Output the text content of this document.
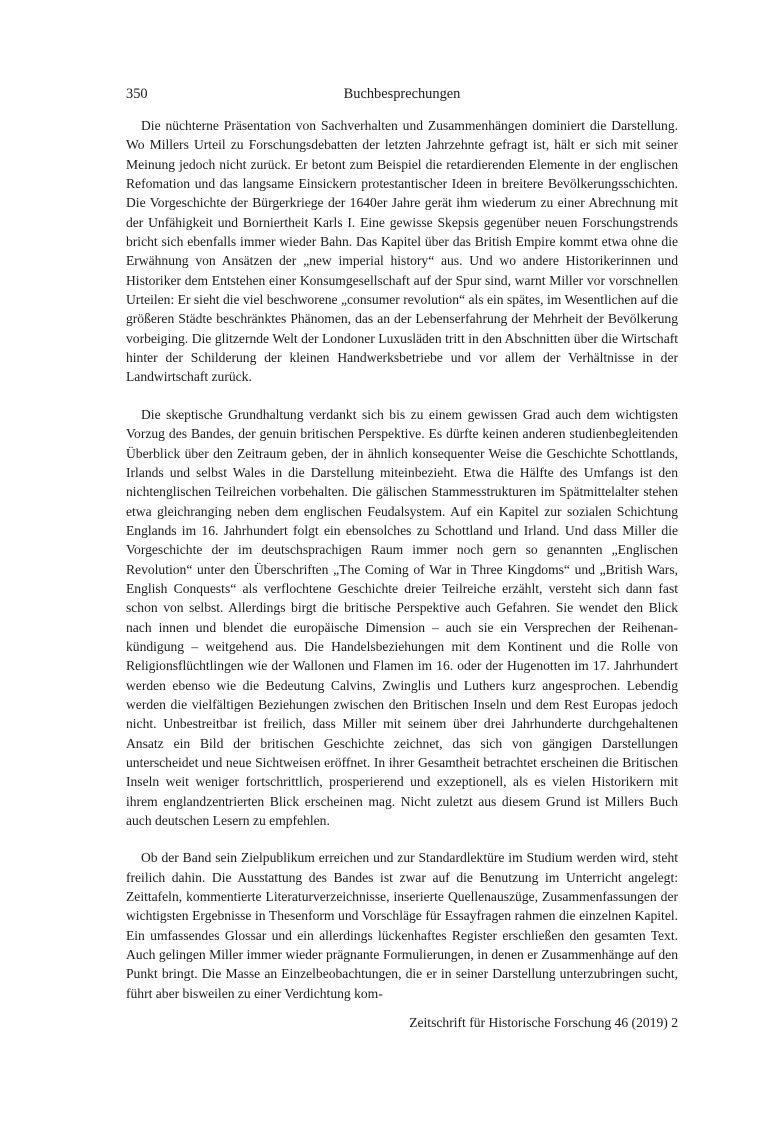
350	Buchbesprechungen

Die nüchterne Präsentation von Sachverhalten und Zusammenhängen dominiert die Darstellung. Wo Millers Urteil zu Forschungsdebatten der letzten Jahrzehnte gefragt ist, hält er sich mit seiner Meinung jedoch nicht zurück. Er betont zum Beispiel die retardierenden Elemente in der englischen Refomation und das langsame Einsickern protestantischer Ideen in breitere Bevölkerungsschichten. Die Vorgeschichte der Bürgerkriege der 1640er Jahre gerät ihm wiederum zu einer Abrechnung mit der Unfähigkeit und Borniertheit Karls I. Eine gewisse Skepsis gegenüber neuen Forschungstrends bricht sich ebenfalls immer wieder Bahn. Das Kapitel über das British Empire kommt etwa ohne die Erwähnung von Ansätzen der „new imperial history“ aus. Und wo andere Historikerinnen und Historiker dem Entstehen einer Konsumgesellschaft auf der Spur sind, warnt Miller vor vorschnellen Urteilen: Er sieht die viel beschworene „consumer revolution“ als ein spätes, im Wesentlichen auf die größeren Städte beschränktes Phänomen, das an der Lebenserfahrung der Mehrheit der Bevölkerung vorbeiging. Die glitzernde Welt der Londoner Luxusläden tritt in den Abschnitten über die Wirtschaft hinter der Schilderung der kleinen Handwerksbetriebe und vor allem der Verhältnisse in der Landwirtschaft zurück.

Die skeptische Grundhaltung verdankt sich bis zu einem gewissen Grad auch dem wichtigsten Vorzug des Bandes, der genuin britischen Perspektive. Es dürfte keinen anderen studienbegleitenden Überblick über den Zeitraum geben, der in ähnlich konsequenter Weise die Geschichte Schottlands, Irlands und selbst Wales in die Darstellung miteinbezieht. Etwa die Hälfte des Umfangs ist den nichtenglischen Teilreichen vorbehalten. Die gälischen Stammesstrukturen im Spätmittelalter stehen etwa gleichranging neben dem englischen Feudalsystem. Auf ein Kapitel zur sozialen Schichtung Englands im 16. Jahrhundert folgt ein ebensolches zu Schottland und Irland. Und dass Miller die Vorgeschichte der im deutschsprachigen Raum immer noch gern so genannten „Englischen Revolution“ unter den Überschriften „The Coming of War in Three Kingdoms“ und „British Wars, English Conquests“ als verflochtene Geschichte dreier Teilreiche erzählt, versteht sich dann fast schon von selbst. Allerdings birgt die britische Perspektive auch Gefahren. Sie wendet den Blick nach innen und blendet die europäische Dimension – auch sie ein Versprechen der Reihenankündigung – weitgehend aus. Die Handelsbeziehungen mit dem Kontinent und die Rolle von Religionsflüchtlingen wie der Wallonen und Flamen im 16. oder der Hugenotten im 17. Jahrhundert werden ebenso wie die Bedeutung Calvins, Zwinglis und Luthers kurz angesprochen. Lebendig werden die vielfältigen Beziehungen zwischen den Britischen Inseln und dem Rest Europas jedoch nicht. Unbestreitbar ist freilich, dass Miller mit seinem über drei Jahrhunderte durchgehaltenen Ansatz ein Bild der britischen Geschichte zeichnet, das sich von gängigen Darstellungen unterscheidet und neue Sichtweisen eröffnet. In ihrer Gesamtheit betrachtet erscheinen die Britischen Inseln weit weniger fortschrittlich, prosperierend und exzeptionell, als es vielen Historikern mit ihrem englandzentrierten Blick erscheinen mag. Nicht zuletzt aus diesem Grund ist Millers Buch auch deutschen Lesern zu empfehlen.

Ob der Band sein Zielpublikum erreichen und zur Standardlektüre im Studium werden wird, steht freilich dahin. Die Ausstattung des Bandes ist zwar auf die Benutzung im Unterricht angelegt: Zeittafeln, kommentierte Literaturverzeichnisse, inserierte Quellenauszüge, Zusammenfassungen der wichtigsten Ergebnisse in Thesenform und Vorschläge für Essayfragen rahmen die einzelnen Kapitel. Ein umfassendes Glossar und ein allerdings lückenhaftes Register erschließen den gesamten Text. Auch gelingen Miller immer wieder prägnante Formulierungen, in denen er Zusammenhänge auf den Punkt bringt. Die Masse an Einzelbeobachtungen, die er in seiner Darstellung unterzubringen sucht, führt aber bisweilen zu einer Verdichtung kom-

Zeitschrift für Historische Forschung 46 (2019) 2
